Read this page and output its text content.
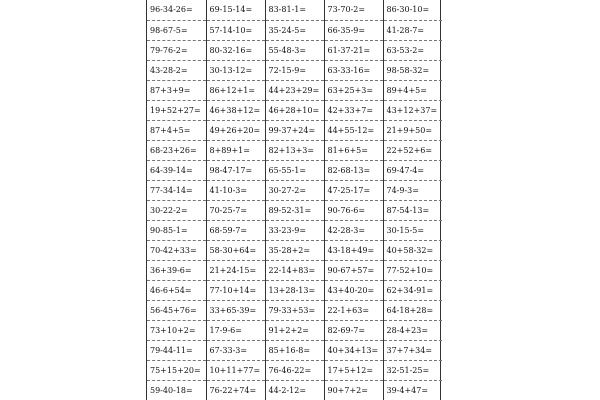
96-34-26=	69-15-14=	83-81-1=	73-70-2=	86-30-10=
98-67-5=	57-14-10=	35-24-5=	66-35-9=	41-28-7=
79-76-2=	80-32-16=	55-48-3=	61-37-21=	63-53-2=
43-28-2=	30-13-12=	72-15-9=	63-33-16=	98-58-32=
87+3+9=	86+12+1=	44+23+29=	63+25+3=	89+4+5=
19+52+27=	46+38+12=	46+28+10=	42+33+7=	43+12+37=
87+4+5=	49+26+20=	99-37+24=	44+55-12=	21+9+50=
68-23+26=	8+89+1=	82+13+3=	81+6+5=	22+52+6=
64-39-14=	98-47-17=	65-55-1=	82-68-13=	69-47-4=
77-34-14=	41-10-3=	30-27-2=	47-25-17=	74-9-3=
30-22-2=	70-25-7=	89-52-31=	90-76-6=	87-54-13=
90-85-1=	68-59-7=	33-23-9=	42-28-3=	30-15-5=
70-42+33=	58-30+64=	35-28+2=	43-18+49=	40+58-32=
36+39-6=	21+24-15=	22-14+83=	90-67+57=	77-52+10=
46-6+54=	77-10+14=	13+28-13=	43+40-20=	62+34-91=
56-45+76=	33+65-39=	79-33+53=	22-1+63=	64-18+28=
73+10+2=	17-9-6=	91+2+2=	82-69-7=	28-4+23=
79-44-11=	67-33-3=	85+16-8=	40+34+13=	37+7+34=
75+15+20=	10+11+77=	76-46-22=	17+5+12=	32-51-25=
59-40-18=	76-22+74=	44-2-12=	90+7+2=	39-4+47=
